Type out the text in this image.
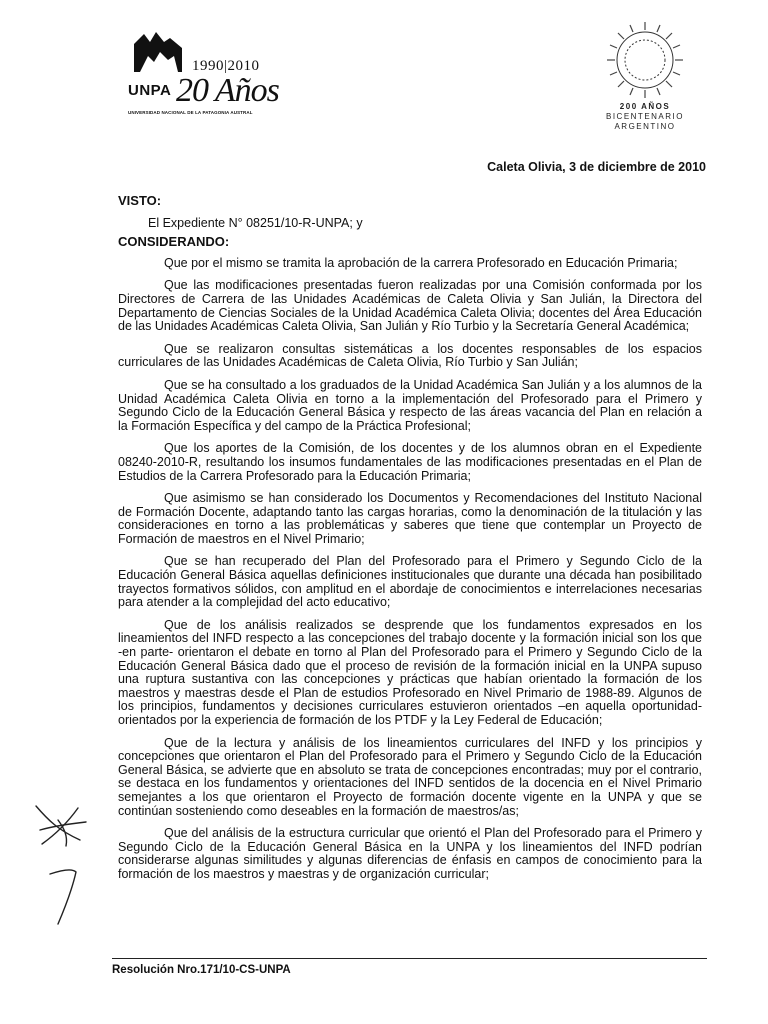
1990|2010
UNPA 20 Años
UNIVERSIDAD NACIONAL DE LA PATAGONIA AUSTRAL
200 AÑOS
BICENTENARIO
ARGENTINO
Caleta Olivia, 3 de diciembre de 2010

VISTO:

El Expediente N° 08251/10-R-UNPA; y

CONSIDERANDO:

Que por el mismo se tramita la aprobación de la carrera Profesorado en Educación Primaria;

Que las modificaciones presentadas fueron realizadas por una Comisión conformada por los Directores de Carrera de las Unidades Académicas de Caleta Olivia y San Julián, la Directora del Departamento de Ciencias Sociales de la Unidad Académica Caleta Olivia; docentes del Área Educación de las Unidades Académicas Caleta Olivia, San Julián y Río Turbio y la Secretaría General Académica;

Que se realizaron consultas sistemáticas a los docentes responsables de los espacios curriculares de las Unidades Académicas de Caleta Olivia, Río Turbio y San Julián;

Que se ha consultado a los graduados de la Unidad Académica San Julián y a los alumnos de la Unidad Académica Caleta Olivia en torno a la implementación del Profesorado para el Primero y Segundo Ciclo de la Educación General Básica y respecto de las áreas vacancia del Plan en relación a la Formación Específica y del campo de la Práctica Profesional;

Que los aportes de la Comisión, de los docentes y de los alumnos obran en el Expediente 08240-2010-R, resultando los insumos fundamentales de las modificaciones presentadas en el Plan de Estudios de la Carrera Profesorado para la Educación Primaria;

Que asimismo se han considerado los Documentos y Recomendaciones del Instituto Nacional de Formación Docente, adaptando tanto las cargas horarias, como la denominación de la titulación y las consideraciones en torno a las problemáticas y saberes que tiene que contemplar un Proyecto de Formación de maestros en el Nivel Primario;

Que se han recuperado del Plan del Profesorado para el Primero y Segundo Ciclo de la Educación General Básica aquellas definiciones institucionales que durante una década han posibilitado trayectos formativos sólidos, con amplitud en el abordaje de conocimientos e interrelaciones necesarias para atender a la complejidad del acto educativo;

Que de los análisis realizados se desprende que los fundamentos expresados en los lineamientos del INFD respecto a las concepciones del trabajo docente y la formación inicial son los que -en parte- orientaron el debate en torno al Plan del Profesorado para el Primero y Segundo Ciclo de la Educación General Básica dado que el proceso de revisión de la formación inicial en la UNPA supuso una ruptura sustantiva con las concepciones y prácticas que habían orientado la formación de los maestros y maestras desde el Plan de estudios Profesorado en Nivel Primario de 1988-89. Algunos de los principios, fundamentos y decisiones curriculares estuvieron orientados –en aquella oportunidad- orientados por la experiencia de formación de los PTDF y la Ley Federal de Educación;

Que de la lectura y análisis de los lineamientos curriculares del INFD y los principios y concepciones que orientaron el Plan del Profesorado para el Primero y Segundo Ciclo de la Educación General Básica, se advierte que en absoluto se trata de concepciones encontradas; muy por el contrario, se destaca en los fundamentos y orientaciones del INFD sentidos de la docencia en el Nivel Primario semejantes a los que orientaron el Proyecto de formación docente vigente en la UNPA y que se continúan sosteniendo como deseables en la formación de maestros/as;

Que del análisis de la estructura curricular que orientó el Plan del Profesorado para el Primero y Segundo Ciclo de la Educación General Básica en la UNPA y los lineamientos del INFD podrían considerarse algunas similitudes y algunas diferencias de énfasis en campos de conocimiento para la formación de los maestros y maestras y de organización curricular;

Resolución Nro.171/10-CS-UNPA
